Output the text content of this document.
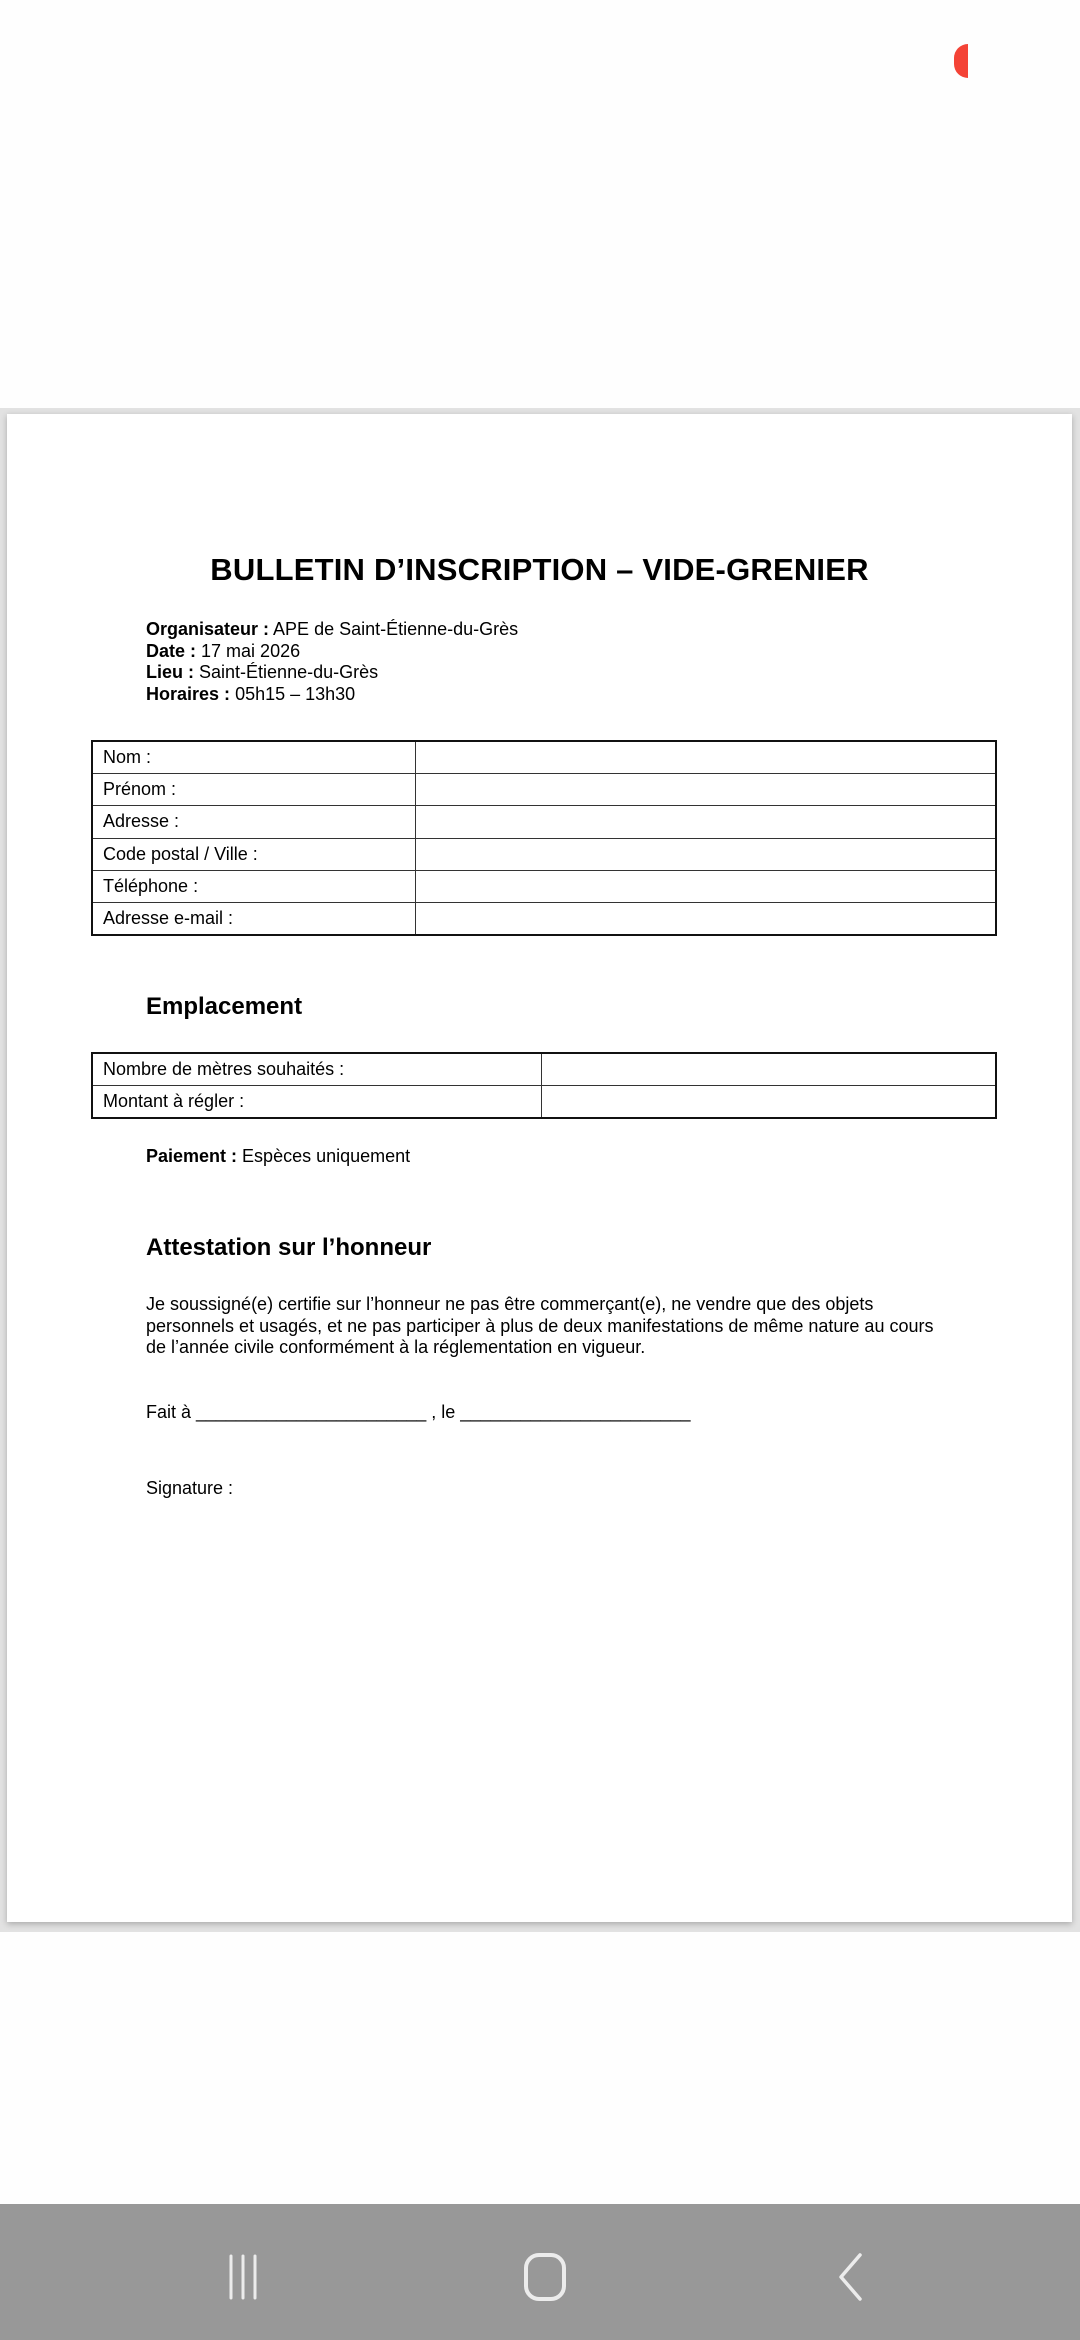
BULLETIN D’INSCRIPTION – VIDE-GRENIER
Organisateur : APE de Saint-Étienne-du-Grès
Date : 17 mai 2026
Lieu : Saint-Étienne-du-Grès
Horaires : 05h15 – 13h30
Nom :	
Prénom :	
Adresse :	
Code postal / Ville :	
Téléphone :	
Adresse e-mail :	
Emplacement
Nombre de mètres souhaités :	
Montant à régler :	
Paiement : Espèces uniquement
Attestation sur l’honneur
Je soussigné(e) certifie sur l’honneur ne pas être commerçant(e), ne vendre que des objets personnels et usagés, et ne pas participer à plus de deux manifestations de même nature au cours de l’année civile conformément à la réglementation en vigueur.
Fait à _______________________ , le _______________________
Signature :
